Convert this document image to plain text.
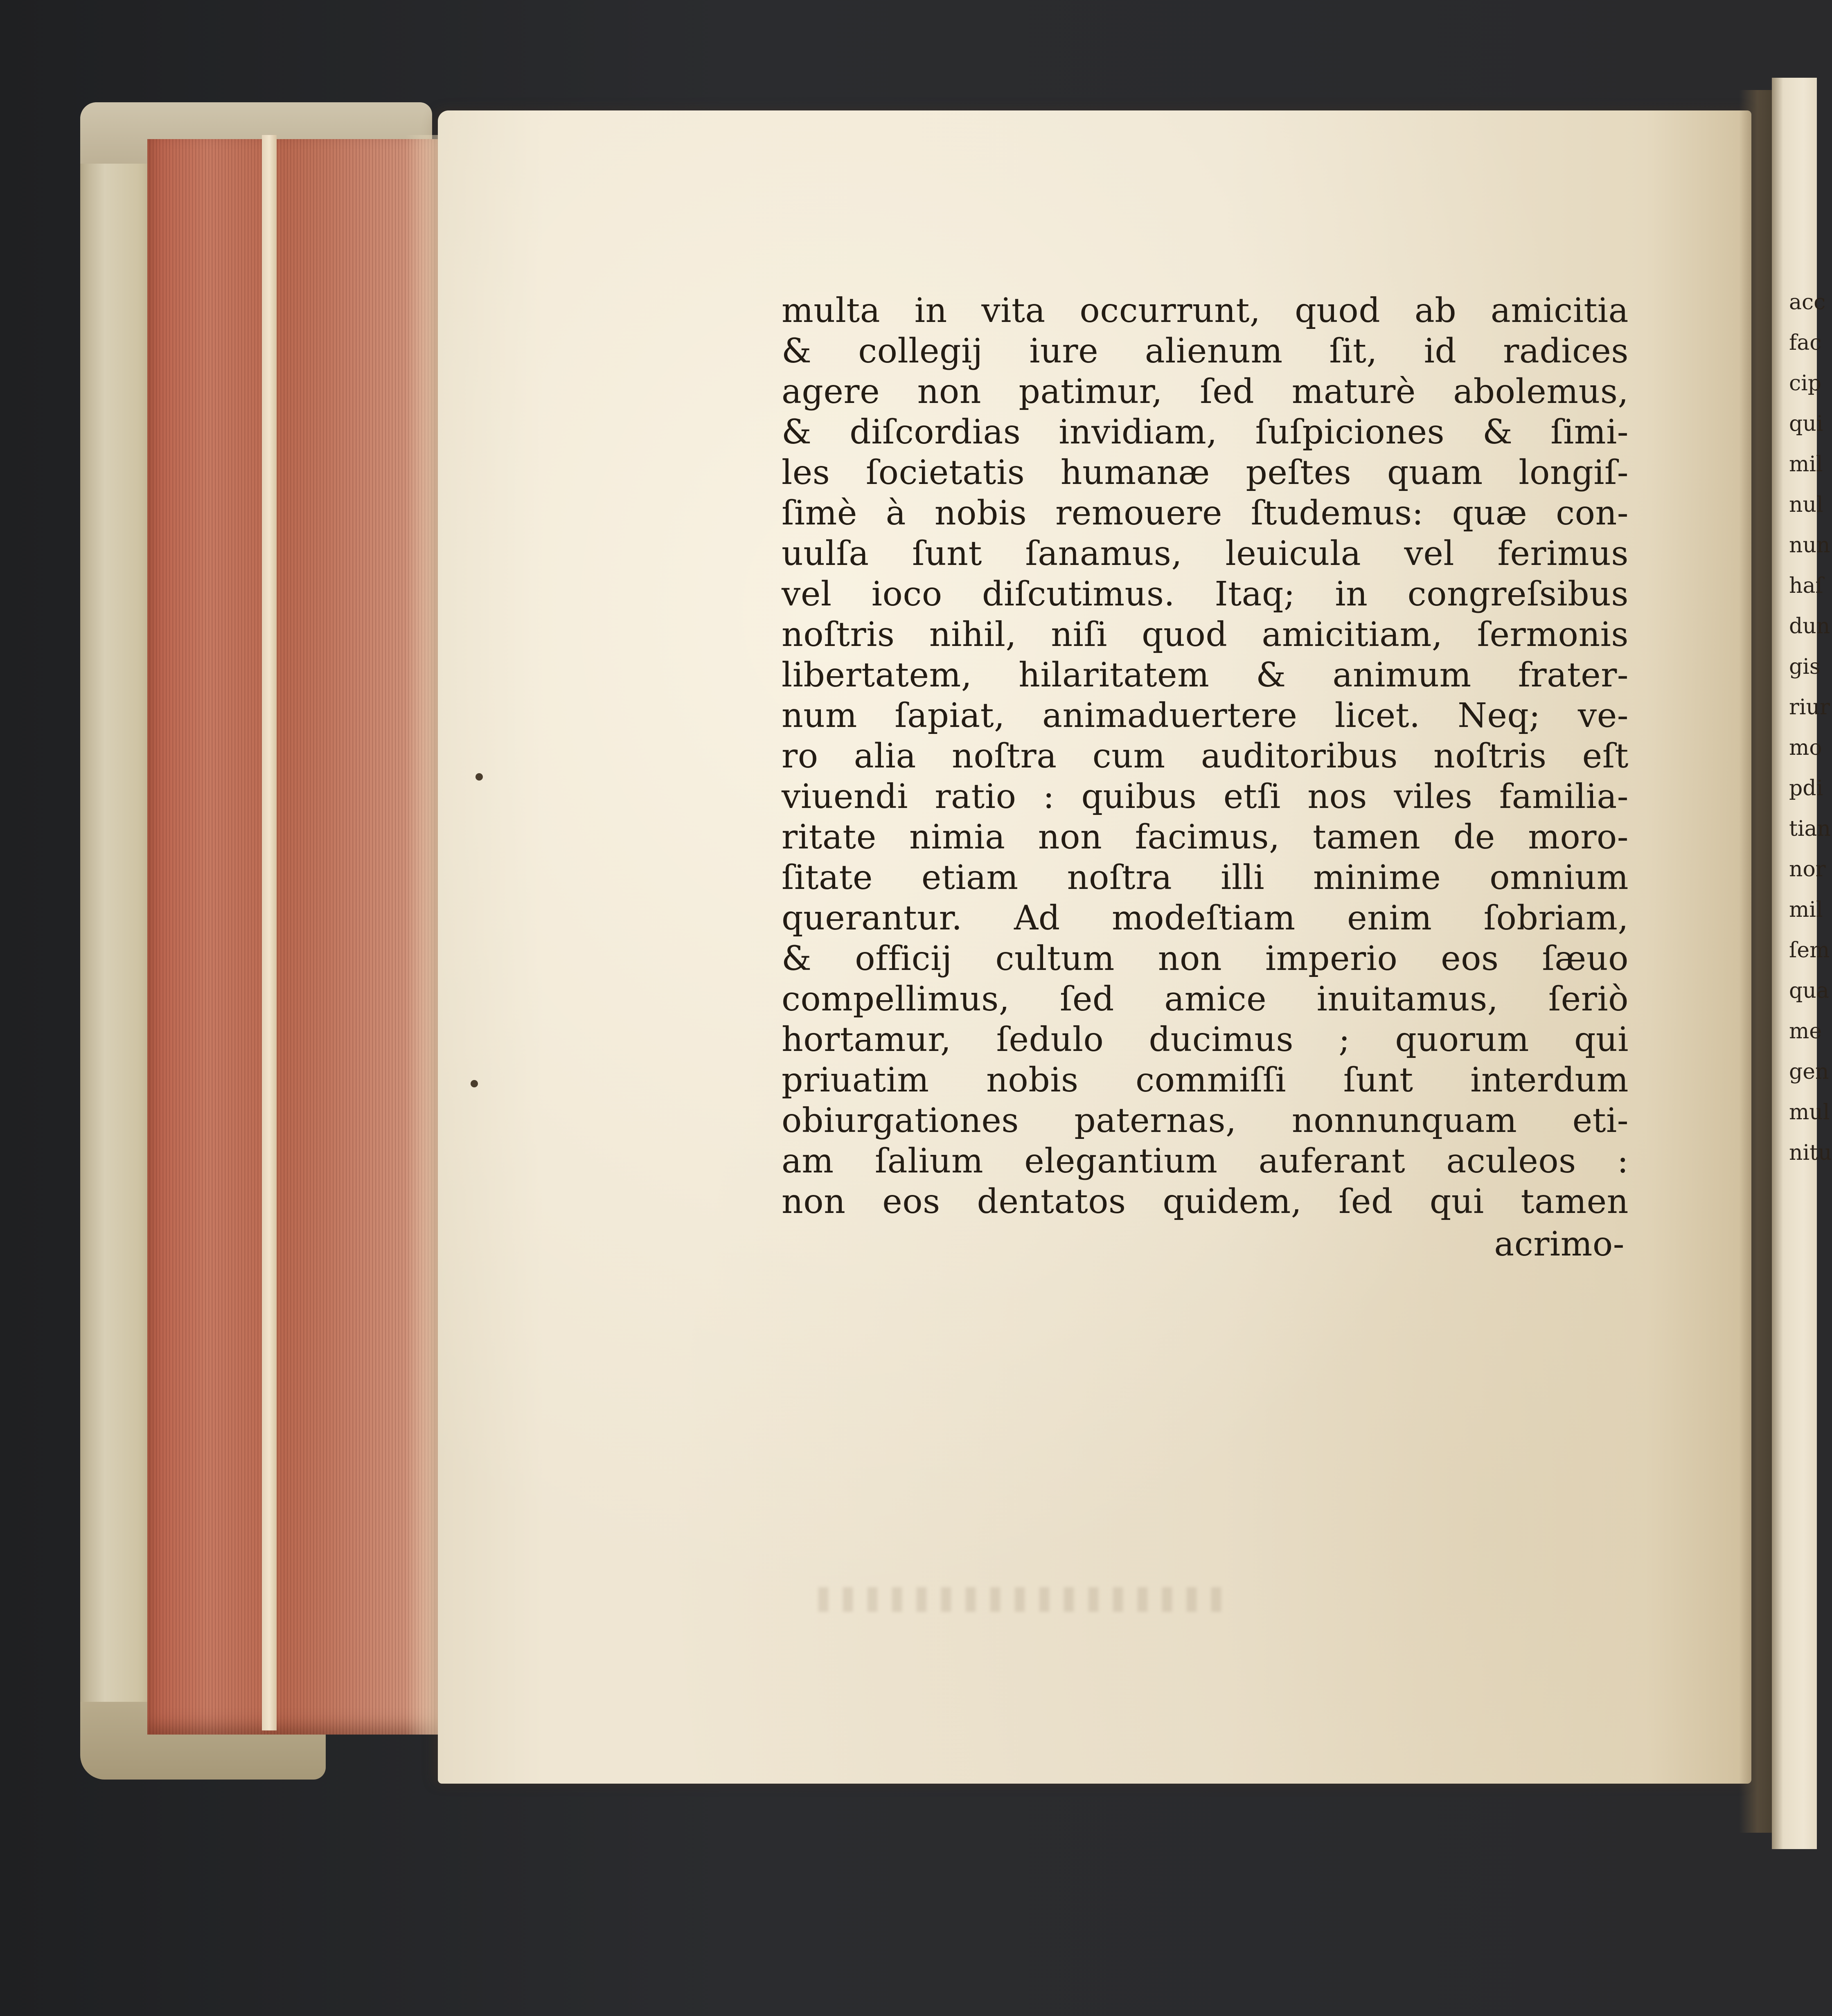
acc
fac
cip
qui
mil
nul
nun
haſ
dun
gis
riur
mo
pdi
tian
nor
mil
ſem
qua
me
gen
mul
nitu
multa in vita occurrunt, quod ab amicitia
& collegij iure alienum ſit, id radices
agere non patimur, ſed maturè abolemus,
& diſcordias invidiam, ſuſpiciones & ſimi-
les ſocietatis humanæ peſtes quam longiſ-
ſimè à nobis remouere ſtudemus: quæ con-
uulſa ſunt ſanamus, leuicula vel ferimus
vel ioco diſcutimus. Itaq; in congreſsibus
noſtris nihil, niſi quod amicitiam, ſermonis
libertatem, hilaritatem & animum frater-
num ſapiat, animaduertere licet. Neq; ve-
ro alia noſtra cum auditoribus noſtris eſt
viuendi ratio : quibus etſi nos viles familia-
ritate nimia non facimus, tamen de moro-
ſitate etiam noſtra illi minime omnium
querantur. Ad modeſtiam enim ſobriam,
& officij cultum non imperio eos ſæuo
compellimus, ſed amice inuitamus, ſeriò
hortamur, ſedulo ducimus ; quorum qui
priuatim nobis commiſſi ſunt interdum
obiurgationes paternas, nonnunquam eti-
am ſalium elegantium auferant aculeos :
non eos dentatos quidem, ſed qui tamen
acrimo-
